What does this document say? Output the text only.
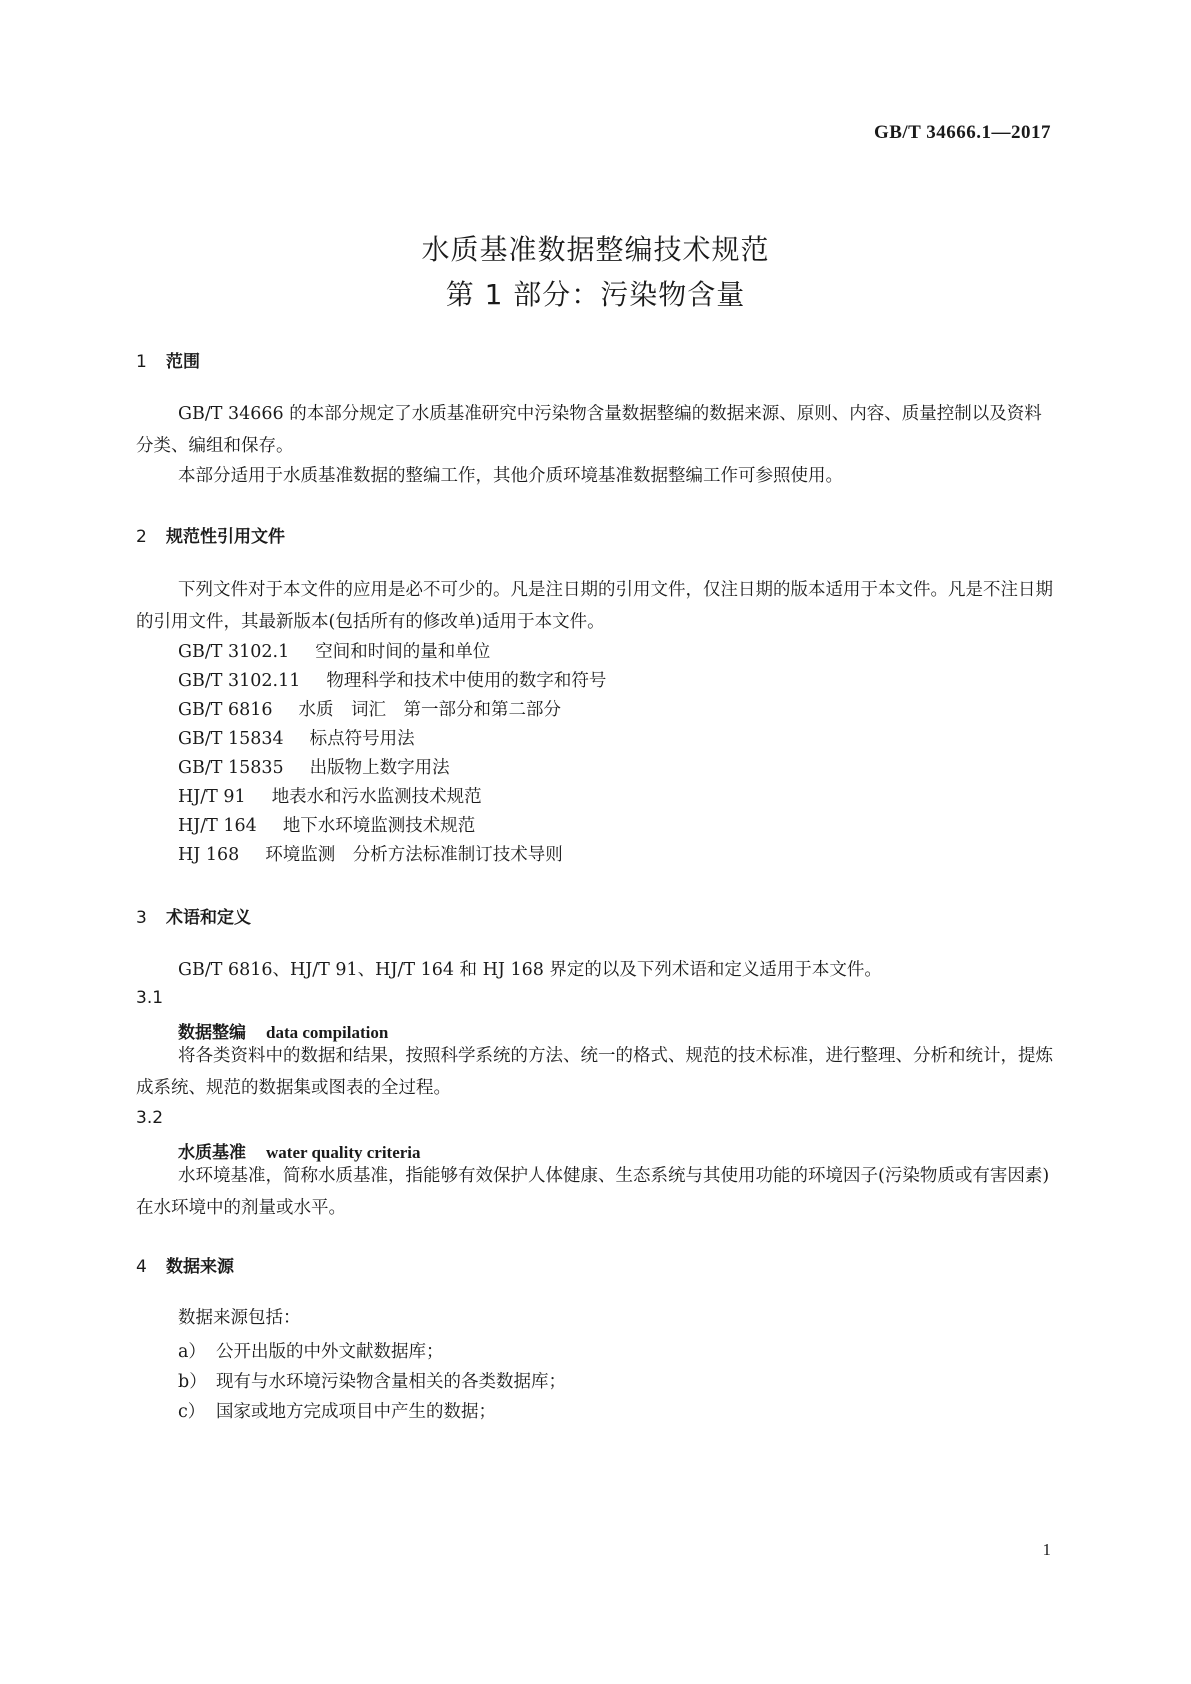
GB/T 34666.1—2017
水质基准数据整编技术规范
第 1 部分：污染物含量
1 范围
GB/T 34666 的本部分规定了水质基准研究中污染物含量数据整编的数据来源、原则、内容、质量控制以及资料分类、编组和保存。
本部分适用于水质基准数据的整编工作，其他介质环境基准数据整编工作可参照使用。
2 规范性引用文件
下列文件对于本文件的应用是必不可少的。凡是注日期的引用文件，仅注日期的版本适用于本文件。凡是不注日期的引用文件，其最新版本(包括所有的修改单)适用于本文件。
GB/T 3102.1 空间和时间的量和单位
GB/T 3102.11 物理科学和技术中使用的数字和符号
GB/T 6816 水质　词汇　第一部分和第二部分
GB/T 15834 标点符号用法
GB/T 15835 出版物上数字用法
HJ/T 91 地表水和污水监测技术规范
HJ/T 164 地下水环境监测技术规范
HJ 168 环境监测　分析方法标准制订技术导则
3 术语和定义
GB/T 6816、HJ/T 91、HJ/T 164 和 HJ 168 界定的以及下列术语和定义适用于本文件。
3.1
数据整编 data compilation
将各类资料中的数据和结果，按照科学系统的方法、统一的格式、规范的技术标准，进行整理、分析和统计，提炼成系统、规范的数据集或图表的全过程。
3.2
水质基准 water quality criteria
水环境基准，简称水质基准，指能够有效保护人体健康、生态系统与其使用功能的环境因子(污染物质或有害因素)在水环境中的剂量或水平。
4 数据来源
数据来源包括：
a） 公开出版的中外文献数据库；
b） 现有与水环境污染物含量相关的各类数据库；
c） 国家或地方完成项目中产生的数据；
1
